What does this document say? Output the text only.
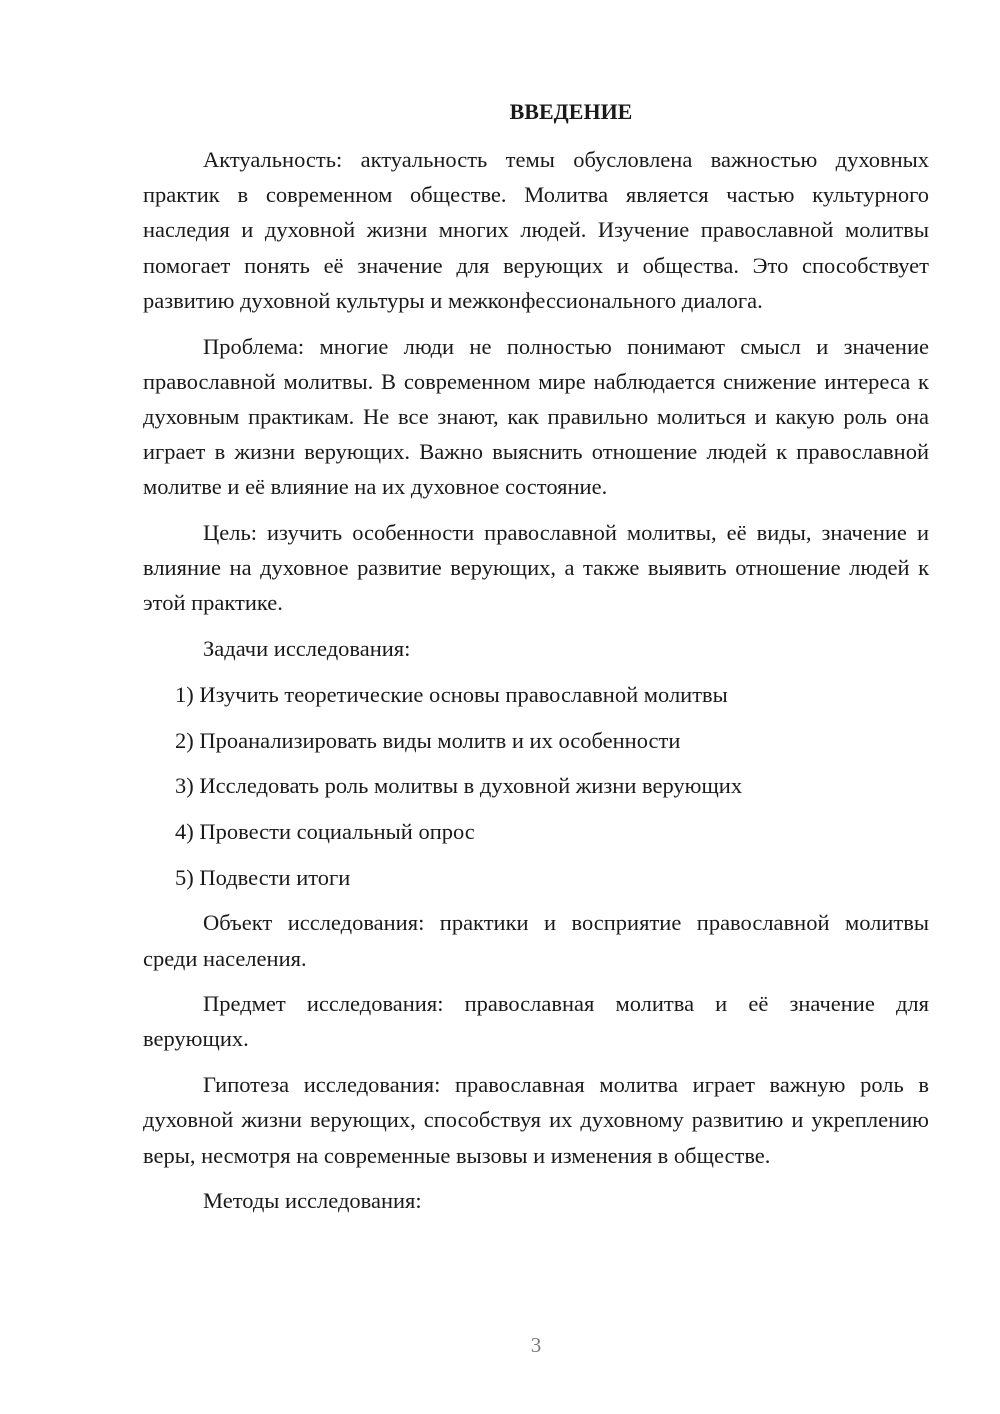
ВВЕДЕНИЕ

Актуальность: актуальность темы обусловлена важностью духовных практик в современном обществе. Молитва является частью культурного наследия и духовной жизни многих людей. Изучение православной молитвы помогает понять её значение для верующих и общества. Это способствует развитию духовной культуры и межконфессионального диалога.

Проблема: многие люди не полностью понимают смысл и значение православной молитвы. В современном мире наблюдается снижение интереса к духовным практикам. Не все знают, как правильно молиться и какую роль она играет в жизни верующих. Важно выяснить отношение людей к православной молитве и её влияние на их духовное состояние.

Цель: изучить особенности православной молитвы, её виды, значение и влияние на духовное развитие верующих, а также выявить отношение людей к этой практике.

Задачи исследования:

1) Изучить теоретические основы православной молитвы
2) Проанализировать виды молитв и их особенности
3) Исследовать роль молитвы в духовной жизни верующих
4) Провести социальный опрос
5) Подвести итоги

Объект исследования: практики и восприятие православной молитвы среди населения.

Предмет исследования: православная молитва и её значение для верующих.

Гипотеза исследования: православная молитва играет важную роль в духовной жизни верующих, способствуя их духовному развитию и укреплению веры, несмотря на современные вызовы и изменения в обществе.

Методы исследования:

3
